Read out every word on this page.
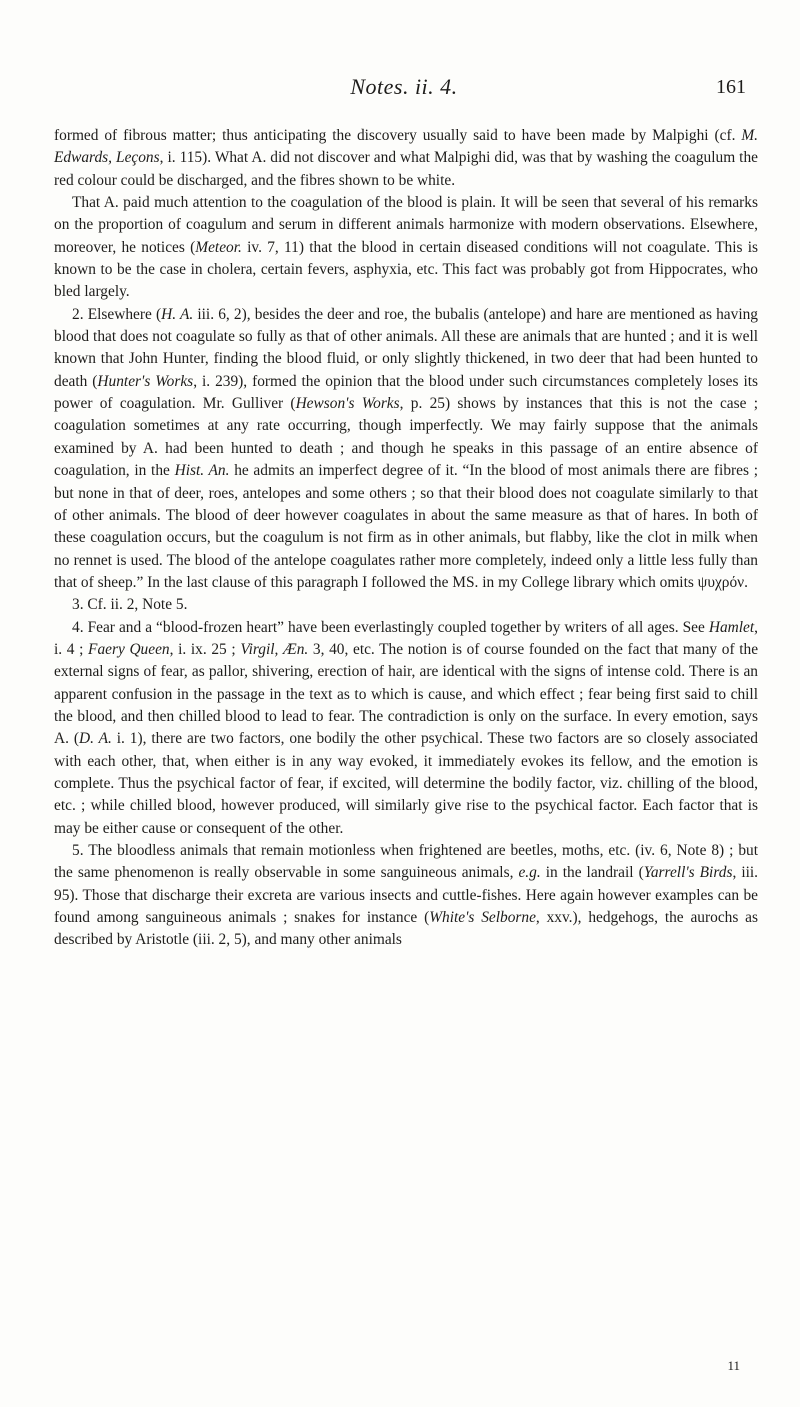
Notes. ii. 4.	161

formed of fibrous matter; thus anticipating the discovery usually said to have been made by Malpighi (cf. M. Edwards, Leçons, i. 115). What A. did not discover and what Malpighi did, was that by washing the coagulum the red colour could be discharged, and the fibres shown to be white.

That A. paid much attention to the coagulation of the blood is plain. It will be seen that several of his remarks on the proportion of coagulum and serum in different animals harmonize with modern observations. Elsewhere, moreover, he notices (Meteor. iv. 7, 11) that the blood in certain diseased conditions will not coagulate. This is known to be the case in cholera, certain fevers, asphyxia, etc. This fact was probably got from Hippocrates, who bled largely.

2. Elsewhere (H. A. iii. 6, 2), besides the deer and roe, the bubalis (antelope) and hare are mentioned as having blood that does not coagulate so fully as that of other animals. All these are animals that are hunted ; and it is well known that John Hunter, finding the blood fluid, or only slightly thickened, in two deer that had been hunted to death (Hunter's Works, i. 239), formed the opinion that the blood under such circumstances completely loses its power of coagulation. Mr. Gulliver (Hewson's Works, p. 25) shows by instances that this is not the case ; coagulation sometimes at any rate occurring, though imperfectly. We may fairly suppose that the animals examined by A. had been hunted to death ; and though he speaks in this passage of an entire absence of coagulation, in the Hist. An. he admits an imperfect degree of it. “In the blood of most animals there are fibres ; but none in that of deer, roes, antelopes and some others ; so that their blood does not coagulate similarly to that of other animals. The blood of deer however coagulates in about the same measure as that of hares. In both of these coagulation occurs, but the coagulum is not firm as in other animals, but flabby, like the clot in milk when no rennet is used. The blood of the antelope coagulates rather more completely, indeed only a little less fully than that of sheep.” In the last clause of this paragraph I followed the MS. in my College library which omits ψυχρόν.

3. Cf. ii. 2, Note 5.

4. Fear and a “blood-frozen heart” have been everlastingly coupled together by writers of all ages. See Hamlet, i. 4 ; Faery Queen, i. ix. 25 ; Virgil, Æn. 3, 40, etc. The notion is of course founded on the fact that many of the external signs of fear, as pallor, shivering, erection of hair, are identical with the signs of intense cold. There is an apparent confusion in the passage in the text as to which is cause, and which effect ; fear being first said to chill the blood, and then chilled blood to lead to fear. The contradiction is only on the surface. In every emotion, says A. (D. A. i. 1), there are two factors, one bodily the other psychical. These two factors are so closely associated with each other, that, when either is in any way evoked, it immediately evokes its fellow, and the emotion is complete. Thus the psychical factor of fear, if excited, will determine the bodily factor, viz. chilling of the blood, etc. ; while chilled blood, however produced, will similarly give rise to the psychical factor. Each factor that is may be either cause or consequent of the other.

5. The bloodless animals that remain motionless when frightened are beetles, moths, etc. (iv. 6, Note 8) ; but the same phenomenon is really observable in some sanguineous animals, e.g. in the landrail (Yarrell's Birds, iii. 95). Those that discharge their excreta are various insects and cuttle-fishes. Here again however examples can be found among sanguineous animals ; snakes for instance (White's Selborne, xxv.), hedgehogs, the aurochs as described by Aristotle (iii. 2, 5), and many other animals

11
